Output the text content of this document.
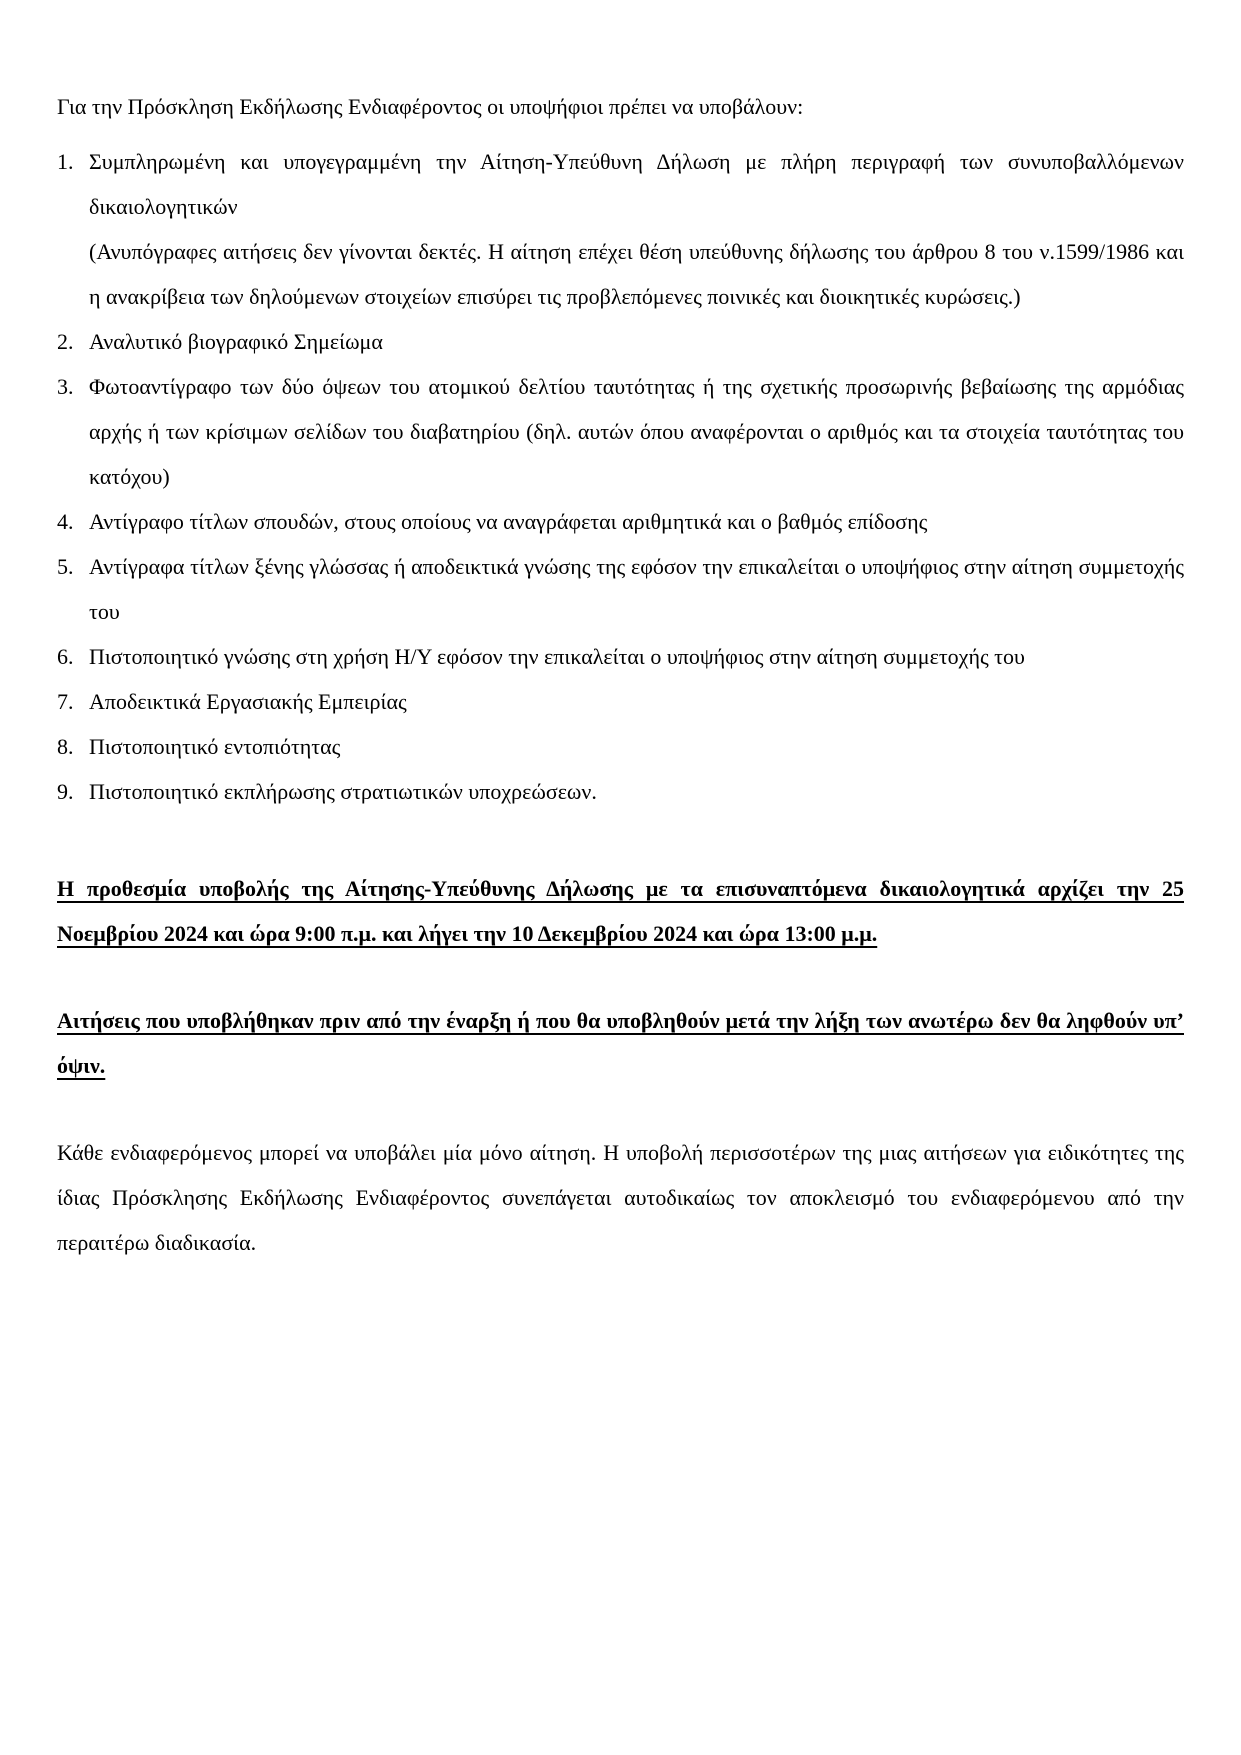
Για την Πρόσκληση Εκδήλωσης Ενδιαφέροντος οι υποψήφιοι πρέπει να υποβάλουν:

1. Συμπληρωμένη και υπογεγραμμένη την Αίτηση-Υπεύθυνη Δήλωση με πλήρη περιγραφή των συνυποβαλλόμενων δικαιολογητικών

(Ανυπόγραφες αιτήσεις δεν γίνονται δεκτές. Η αίτηση επέχει θέση υπεύθυνης δήλωσης του άρθρου 8 του ν.1599/1986 και η ανακρίβεια των δηλούμενων στοιχείων επισύρει τις προβλεπόμενες ποινικές και διοικητικές κυρώσεις.)

2. Αναλυτικό βιογραφικό Σημείωμα
3. Φωτοαντίγραφο των δύο όψεων του ατομικού δελτίου ταυτότητας ή της σχετικής προσωρινής βεβαίωσης της αρμόδιας αρχής ή των κρίσιμων σελίδων του διαβατηρίου (δηλ. αυτών όπου αναφέρονται ο αριθμός και τα στοιχεία ταυτότητας του κατόχου)
4. Αντίγραφο τίτλων σπουδών, στους οποίους να αναγράφεται αριθμητικά και ο βαθμός επίδοσης
5. Αντίγραφα τίτλων ξένης γλώσσας ή αποδεικτικά γνώσης της εφόσον την επικαλείται ο υποψήφιος στην αίτηση συμμετοχής του
6. Πιστοποιητικό γνώσης στη χρήση Η/Υ εφόσον την επικαλείται ο υποψήφιος στην αίτηση συμμετοχής του
7. Αποδεικτικά Εργασιακής Εμπειρίας
8. Πιστοποιητικό εντοπιότητας
9. Πιστοποιητικό εκπλήρωσης στρατιωτικών υποχρεώσεων.

Η προθεσμία υποβολής της Αίτησης-Υπεύθυνης Δήλωσης με τα επισυναπτόμενα δικαιολογητικά αρχίζει την 25 Νοεμβρίου 2024 και ώρα 9:00 π.μ. και λήγει την 10 Δεκεμβρίου 2024 και ώρα 13:00 μ.μ.

Αιτήσεις που υποβλήθηκαν πριν από την έναρξη ή που θα υποβληθούν μετά την λήξη των ανωτέρω δεν θα ληφθούν υπ’ όψιν.

Κάθε ενδιαφερόμενος μπορεί να υποβάλει μία μόνο αίτηση. Η υποβολή περισσοτέρων της μιας αιτήσεων για ειδικότητες της ίδιας Πρόσκλησης Εκδήλωσης Ενδιαφέροντος συνεπάγεται αυτοδικαίως τον αποκλεισμό του ενδιαφερόμενου από την περαιτέρω διαδικασία.
